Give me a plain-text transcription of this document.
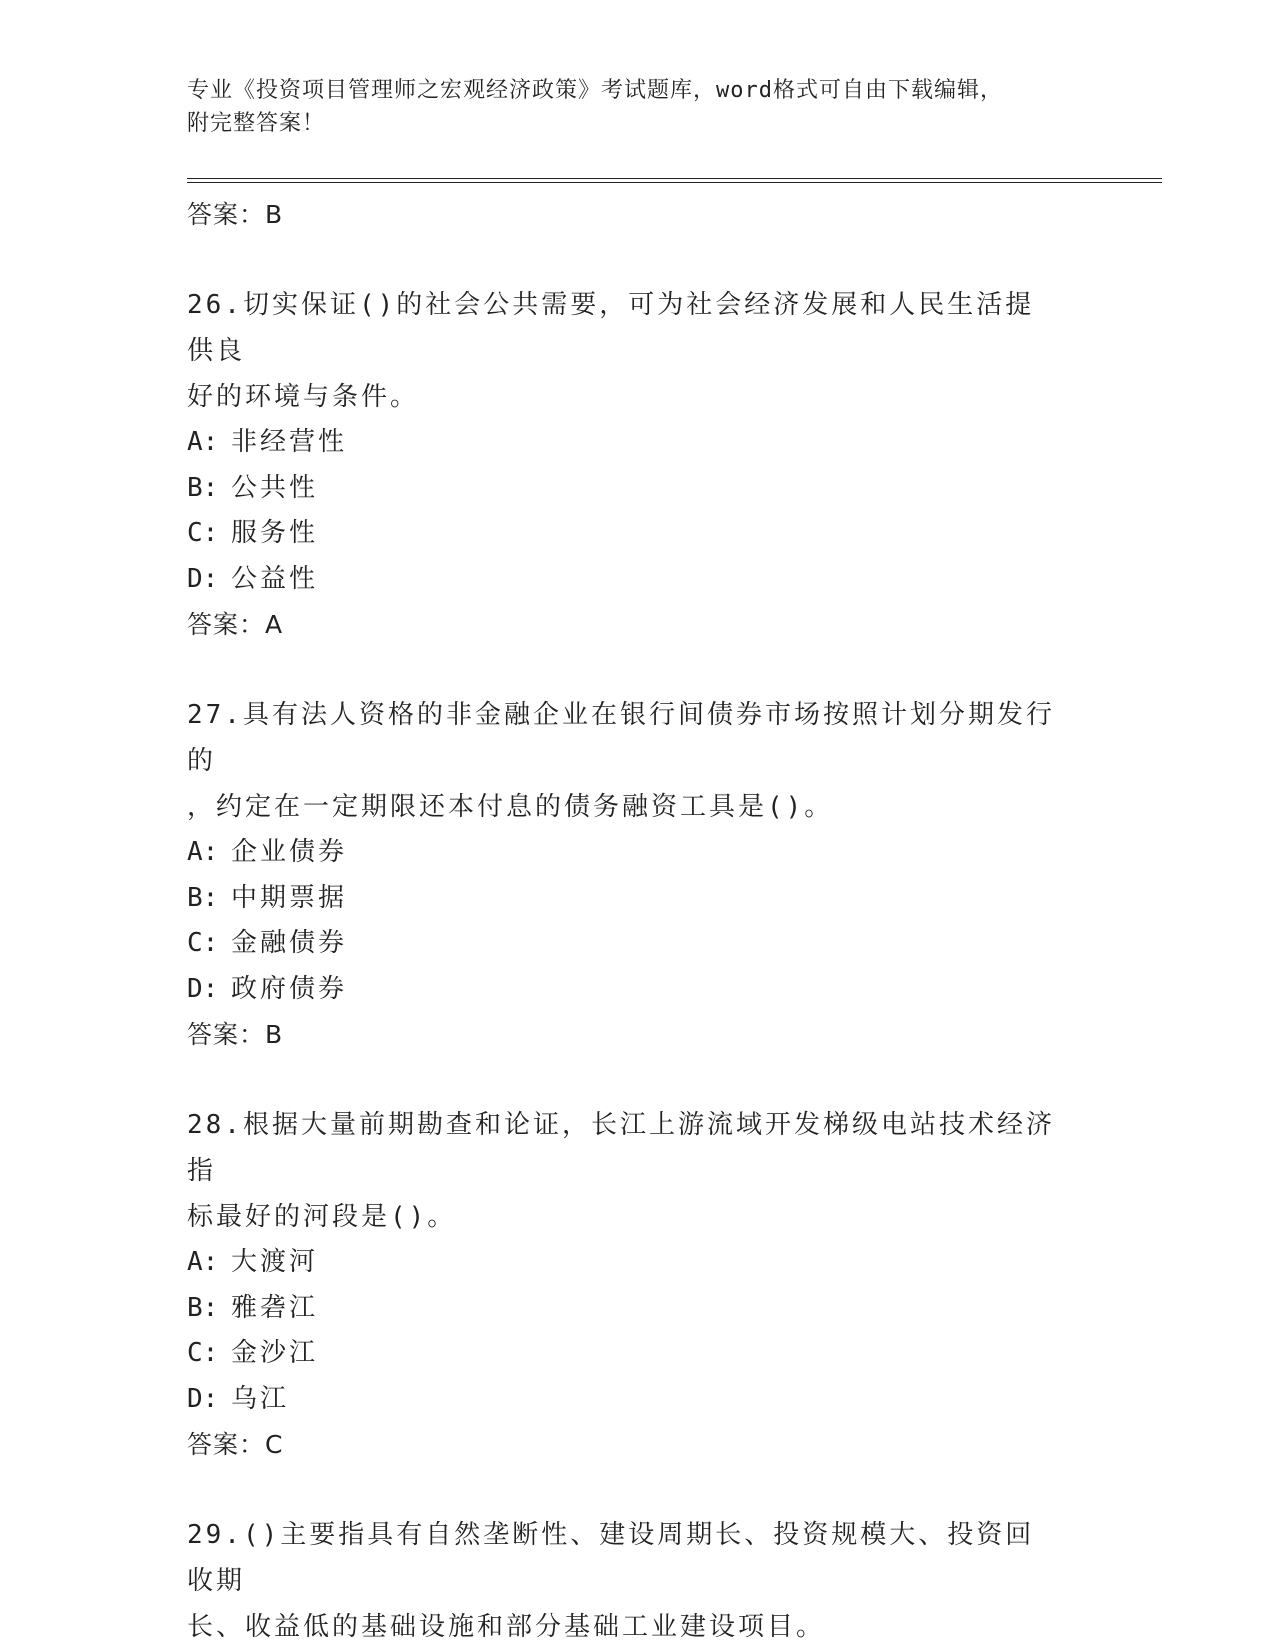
专业《投资项目管理师之宏观经济政策》考试题库，word格式可自由下载编辑，
附完整答案！
答案：B
26.切实保证()的社会公共需要，可为社会经济发展和人民生活提供良
好的环境与条件。
A: 非经营性
B: 公共性
C: 服务性
D: 公益性
答案：A
27.具有法人资格的非金融企业在银行间债券市场按照计划分期发行的
，约定在一定期限还本付息的债务融资工具是()。
A: 企业债券
B: 中期票据
C: 金融债券
D: 政府债券
答案：B
28.根据大量前期勘查和论证，长江上游流域开发梯级电站技术经济指
标最好的河段是()。
A: 大渡河
B: 雅砻江
C: 金沙江
D: 乌江
答案：C
29.()主要指具有自然垄断性、建设周期长、投资规模大、投资回收期
长、收益低的基础设施和部分基础工业建设项目。
